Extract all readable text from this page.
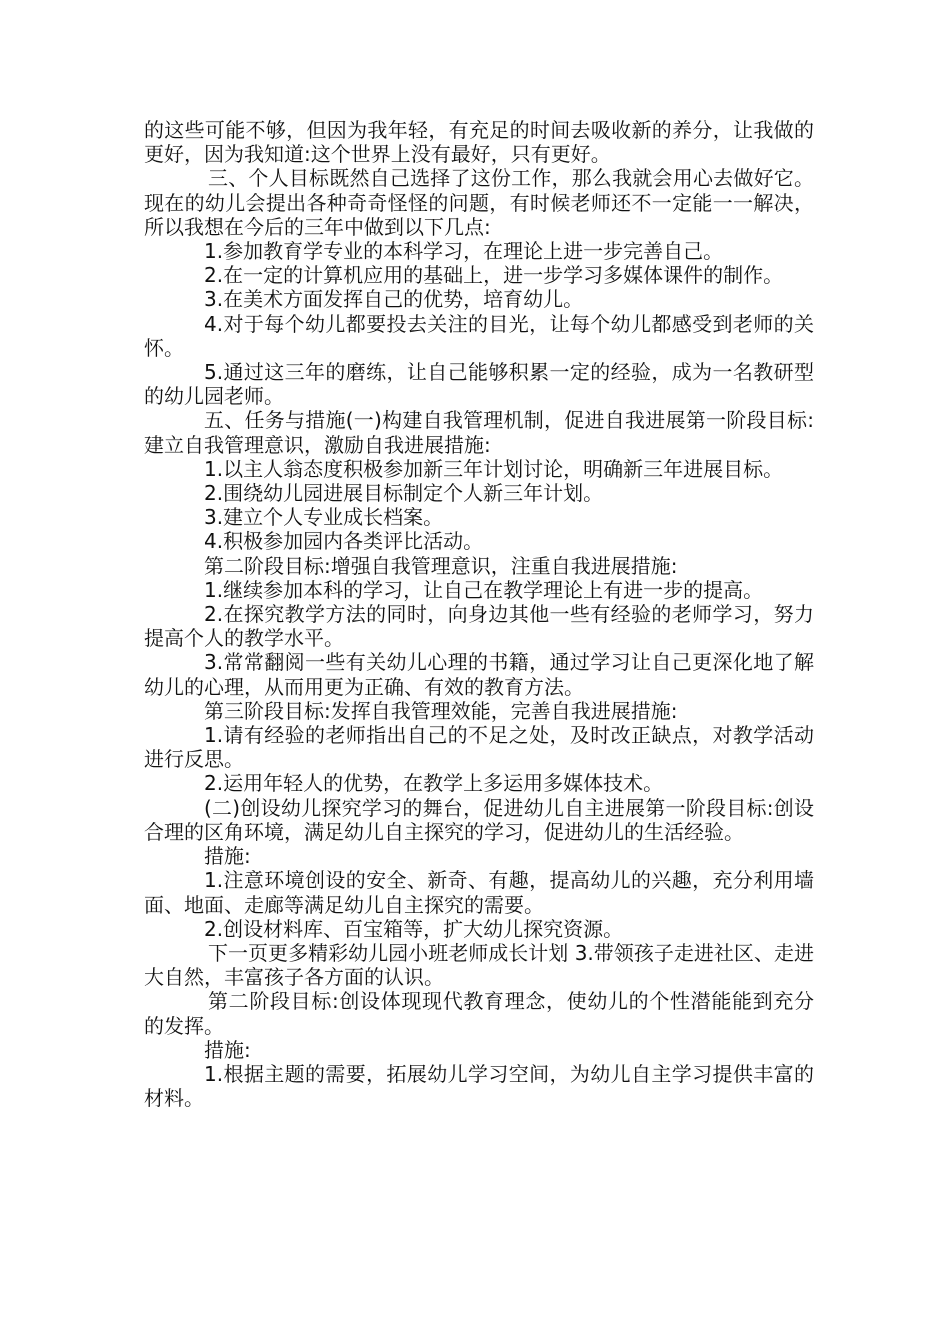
的这些可能不够，但因为我年轻，有充足的时间去吸收新的养分，让我做的更好，因为我知道:这个世界上没有最好，只有更好。

三、个人目标既然自己选择了这份工作，那么我就会用心去做好它。现在的幼儿会提出各种奇奇怪怪的问题，有时候老师还不一定能一一解决，所以我想在今后的三年中做到以下几点:

1.参加教育学专业的本科学习，在理论上进一步完善自己。

2.在一定的计算机应用的基础上，进一步学习多媒体课件的制作。

3.在美术方面发挥自己的优势，培育幼儿。

4.对于每个幼儿都要投去关注的目光，让每个幼儿都感受到老师的关怀。

5.通过这三年的磨练，让自己能够积累一定的经验，成为一名教研型的幼儿园老师。

五、任务与措施(一)构建自我管理机制，促进自我进展第一阶段目标:建立自我管理意识，激励自我进展措施:

1.以主人翁态度积极参加新三年计划讨论，明确新三年进展目标。

2.围绕幼儿园进展目标制定个人新三年计划。

3.建立个人专业成长档案。

4.积极参加园内各类评比活动。

第二阶段目标:增强自我管理意识，注重自我进展措施:

1.继续参加本科的学习，让自己在教学理论上有进一步的提高。

2.在探究教学方法的同时，向身边其他一些有经验的老师学习，努力提高个人的教学水平。

3.常常翻阅一些有关幼儿心理的书籍，通过学习让自己更深化地了解幼儿的心理，从而用更为正确、有效的教育方法。

第三阶段目标:发挥自我管理效能，完善自我进展措施:

1.请有经验的老师指出自己的不足之处，及时改正缺点，对教学活动进行反思。

2.运用年轻人的优势，在教学上多运用多媒体技术。

(二)创设幼儿探究学习的舞台，促进幼儿自主进展第一阶段目标:创设合理的区角环境，满足幼儿自主探究的学习，促进幼儿的生活经验。

措施:

1.注意环境创设的安全、新奇、有趣，提高幼儿的兴趣，充分利用墙面、地面、走廊等满足幼儿自主探究的需要。

2.创设材料库、百宝箱等，扩大幼儿探究资源。

下一页更多精彩幼儿园小班老师成长计划 3.带领孩子走进社区、走进大自然，丰富孩子各方面的认识。

第二阶段目标:创设体现现代教育理念，使幼儿的个性潜能能到充分的发挥。

措施:

1.根据主题的需要，拓展幼儿学习空间，为幼儿自主学习提供丰富的材料。
